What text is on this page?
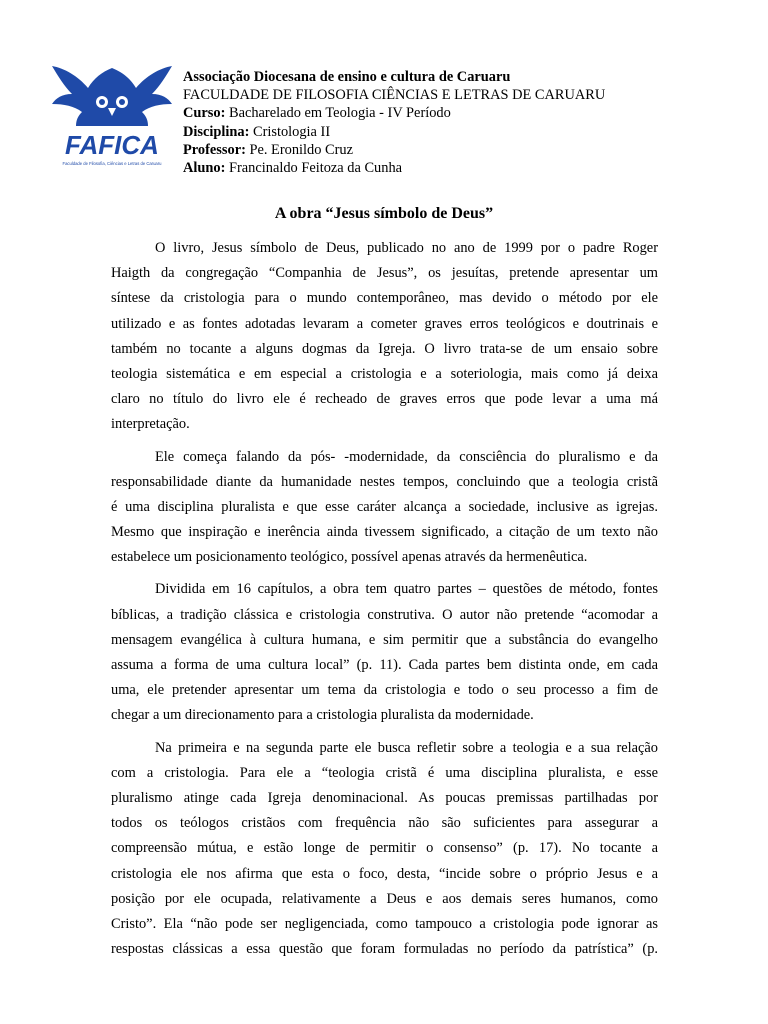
FAFICA
Faculdade de Filosofia, Ciências e Letras de Caruaru
Associação Diocesana de ensino e cultura de Caruaru
FACULDADE DE FILOSOFIA CIÊNCIAS E LETRAS DE CARUARU
Curso: Bacharelado em Teologia - IV Período
Disciplina: Cristologia II
Professor: Pe. Eronildo Cruz
Aluno: Francinaldo Feitoza da Cunha
A obra “Jesus símbolo de Deus”
O livro, Jesus símbolo de Deus, publicado no ano de 1999 por o padre Roger
Haigth da congregação “Companhia de Jesus”, os jesuítas, pretende apresentar um
síntese da cristologia para o mundo contemporâneo, mas devido o método por ele
utilizado e as fontes adotadas levaram a cometer graves erros teológicos e doutrinais e
também no tocante a alguns dogmas da Igreja. O livro trata-se de um ensaio sobre
teologia sistemática e em especial a cristologia e a soteriologia, mais como já deixa
claro no título do livro ele é recheado de graves erros que pode levar a uma má
interpretação.
Ele começa falando da pós- -modernidade, da consciência do pluralismo e da
responsabilidade diante da humanidade nestes tempos, concluindo que a teologia cristã
é uma disciplina pluralista e que esse caráter alcança a sociedade, inclusive as igrejas.
Mesmo que inspiração e inerência ainda tivessem significado, a citação de um texto não
estabelece um posicionamento teológico, possível apenas através da hermenêutica.
Dividida em 16 capítulos, a obra tem quatro partes – questões de método, fontes
bíblicas, a tradição clássica e cristologia construtiva. O autor não pretende “acomodar a
mensagem evangélica à cultura humana, e sim permitir que a substância do evangelho
assuma a forma de uma cultura local” (p. 11). Cada partes bem distinta onde, em cada
uma, ele pretender apresentar um tema da cristologia e todo o seu processo a fim de
chegar a um direcionamento para a cristologia pluralista da modernidade.
Na primeira e na segunda parte ele busca refletir sobre a teologia e a sua relação
com a cristologia. Para ele a “teologia cristã é uma disciplina pluralista, e esse
pluralismo atinge cada Igreja denominacional. As poucas premissas partilhadas por
todos os teólogos cristãos com frequência não são suficientes para assegurar a
compreensão mútua, e estão longe de permitir o consenso” (p. 17). No tocante a
cristologia ele nos afirma que esta o foco, desta, “incide sobre o próprio Jesus e a
posição por ele ocupada, relativamente a Deus e aos demais seres humanos, como
Cristo”. Ela “não pode ser negligenciada, como tampouco a cristologia pode ignorar as
respostas clássicas a essa questão que foram formuladas no período da patrística” (p.
